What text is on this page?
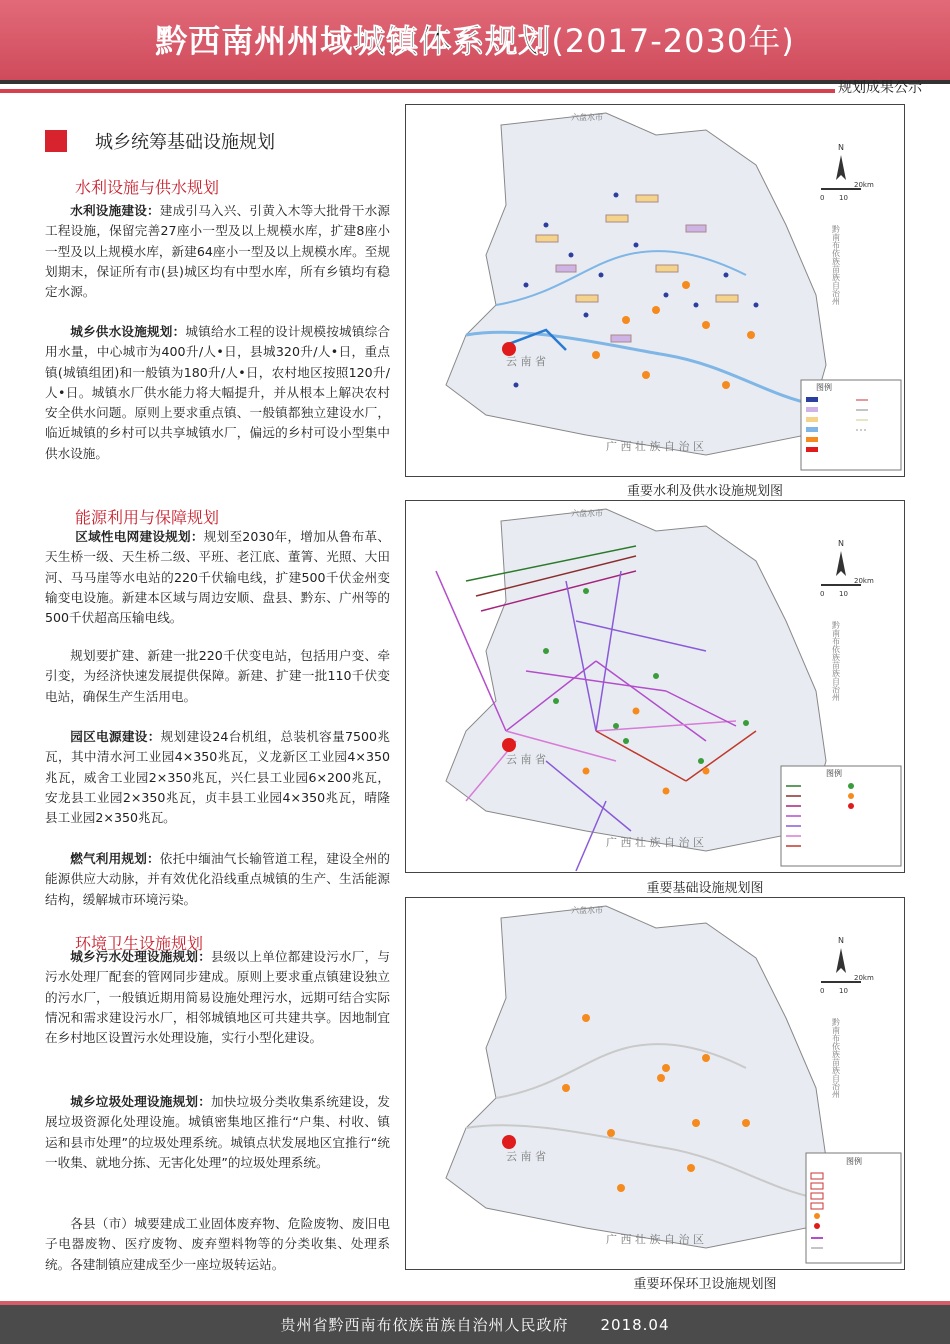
黔西南州州域城镇体系规划(2017-2030年)
规划成果公示
城乡统筹基础设施规划
水利设施与供水规划
水利设施建设：建成引马入兴、引黄入木等大批骨干水源工程设施，保留完善27座小一型及以上规模水库，扩建8座小一型及以上规模水库，新建64座小一型及以上规模水库。至规划期末，保证所有市(县)城区均有中型水库，所有乡镇均有稳定水源。
城乡供水设施规划：城镇给水工程的设计规模按城镇综合用水量，中心城市为400升/人•日，县城320升/人•日，重点镇(城镇组团)和一般镇为180升/人•日，农村地区按照120升/人•日。城镇水厂供水能力将大幅提升，并从根本上解决农村安全供水问题。原则上要求重点镇、一般镇都独立建设水厂，临近城镇的乡村可以共享城镇水厂，偏远的乡村可设小型集中供水设施。
能源利用与保障规划
区域性电网建设规划：规划至2030年，增加从鲁布革、天生桥一级、天生桥二级、平班、老江底、董箐、光照、大田河、马马崖等水电站的220千伏输电线，扩建500千伏金州变输变电设施。新建本区域与周边安顺、盘县、黔东、广州等的500千伏超高压输电线。
规划要扩建、新建一批220千伏变电站，包括用户变、牵引变，为经济快速发展提供保障。新建、扩建一批110千伏变电站，确保生产生活用电。
园区电源建设：规划建设24台机组，总装机容量7500兆瓦，其中清水河工业园4×350兆瓦，义龙新区工业园4×350兆瓦，威舍工业园2×350兆瓦，兴仁县工业园6×200兆瓦，安龙县工业园2×350兆瓦，贞丰县工业园4×350兆瓦，晴隆县工业园2×350兆瓦。
燃气利用规划：依托中缅油气长输管道工程，建设全州的能源供应大动脉，并有效优化沿线重点城镇的生产、生活能源结构，缓解城市环境污染。
环境卫生设施规划
城乡污水处理设施规划：县级以上单位都建设污水厂，与污水处理厂配套的管网同步建成。原则上要求重点镇建设独立的污水厂，一般镇近期用简易设施处理污水，远期可结合实际情况和需求建设污水厂，相邻城镇地区可共建共享。因地制宜在乡村地区设置污水处理设施，实行小型化建设。
城乡垃圾处理设施规划：加快垃圾分类收集系统建设，发展垃圾资源化处理设施。城镇密集地区推行“户集、村收、镇运和县市处理”的垃圾处理系统。城镇点状发展地区宜推行“统一收集、就地分拣、无害化处理”的垃圾处理系统。
各县（市）城要建成工业固体废弃物、危险废物、废旧电子电器废物、医疗废物、废弃塑料物等的分类收集、处理系统。各建制镇应建成至少一座垃圾转运站。
云 南 省
广 西 壮 族 自 治 区
六盘水市
黔南布依族苗族自治州
N
0 10
20km
图例
重要水利及供水设施规划图
云 南 省
广 西 壮 族 自 治 区
六盘水市
黔南布依族苗族自治州
N
0 10
20km
图例
重要基础设施规划图
云 南 省
广 西 壮 族 自 治 区
六盘水市
黔南布依族苗族自治州
N
0 10
20km
图例
重要环保环卫设施规划图
贵州省黔西南布依族苗族自治州人民政府　　2018.04
